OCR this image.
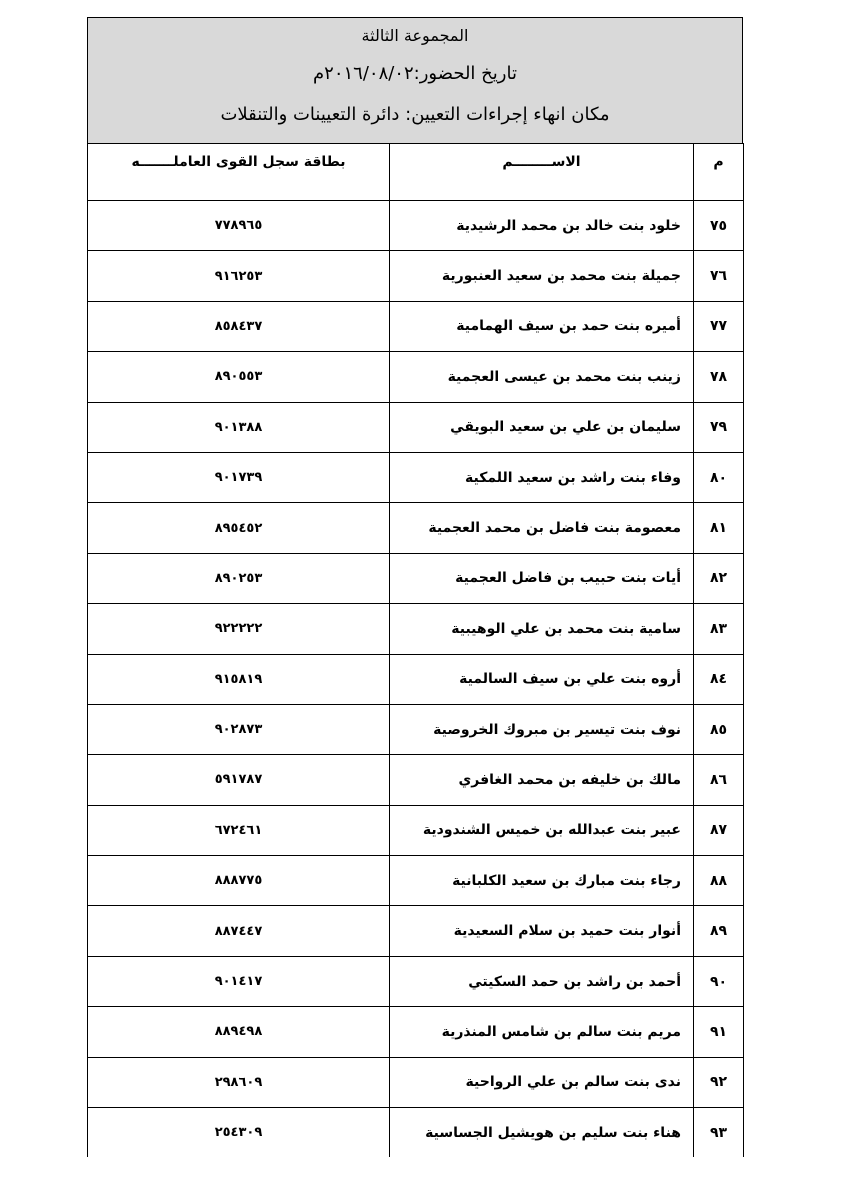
المجموعة الثالثة
تاريخ الحضور:٢٠١٦/٠٨/٠٢م
مكان انهاء إجراءات التعيين: دائرة التعيينات والتنقلات
م	الاســــــــم	بطاقة سجل القوى العاملـــــــه
٧٥	خلود بنت خالد بن محمد الرشيدية	٧٧٨٩٦٥
٧٦	جميلة بنت محمد بن سعيد العنبورية	٩١٦٢٥٣
٧٧	أميره بنت حمد بن سيف الهمامية	٨٥٨٤٣٧
٧٨	زينب بنت محمد بن عيسى العجمية	٨٩٠٥٥٣
٧٩	سليمان بن علي بن سعيد البويقي	٩٠١٣٨٨
٨٠	وفاء بنت راشد بن سعيد اللمكية	٩٠١٧٣٩
٨١	معصومة بنت فاضل بن محمد العجمية	٨٩٥٤٥٢
٨٢	أيات بنت حبيب بن فاضل العجمية	٨٩٠٢٥٣
٨٣	سامية بنت محمد بن علي الوهيبية	٩٢٢٢٢٢
٨٤	أروه بنت علي بن سيف السالمية	٩١٥٨١٩
٨٥	نوف بنت تيسير بن مبروك الخروصية	٩٠٢٨٧٣
٨٦	مالك بن خليفه بن محمد الغافري	٥٩١٧٨٧
٨٧	عبير بنت عبدالله بن خميس الشندودية	٦٧٢٤٦١
٨٨	رجاء بنت مبارك بن سعيد الكلبانية	٨٨٨٧٧٥
٨٩	أنوار بنت حميد بن سلام السعيدية	٨٨٧٤٤٧
٩٠	أحمد بن راشد بن حمد السكيتي	٩٠١٤١٧
٩١	مريم بنت سالم بن شامس المنذرية	٨٨٩٤٩٨
٩٢	ندى بنت سالم بن علي الرواحية	٢٩٨٦٠٩
٩٣	هناء بنت سليم بن هويشيل الجساسية	٢٥٤٣٠٩
